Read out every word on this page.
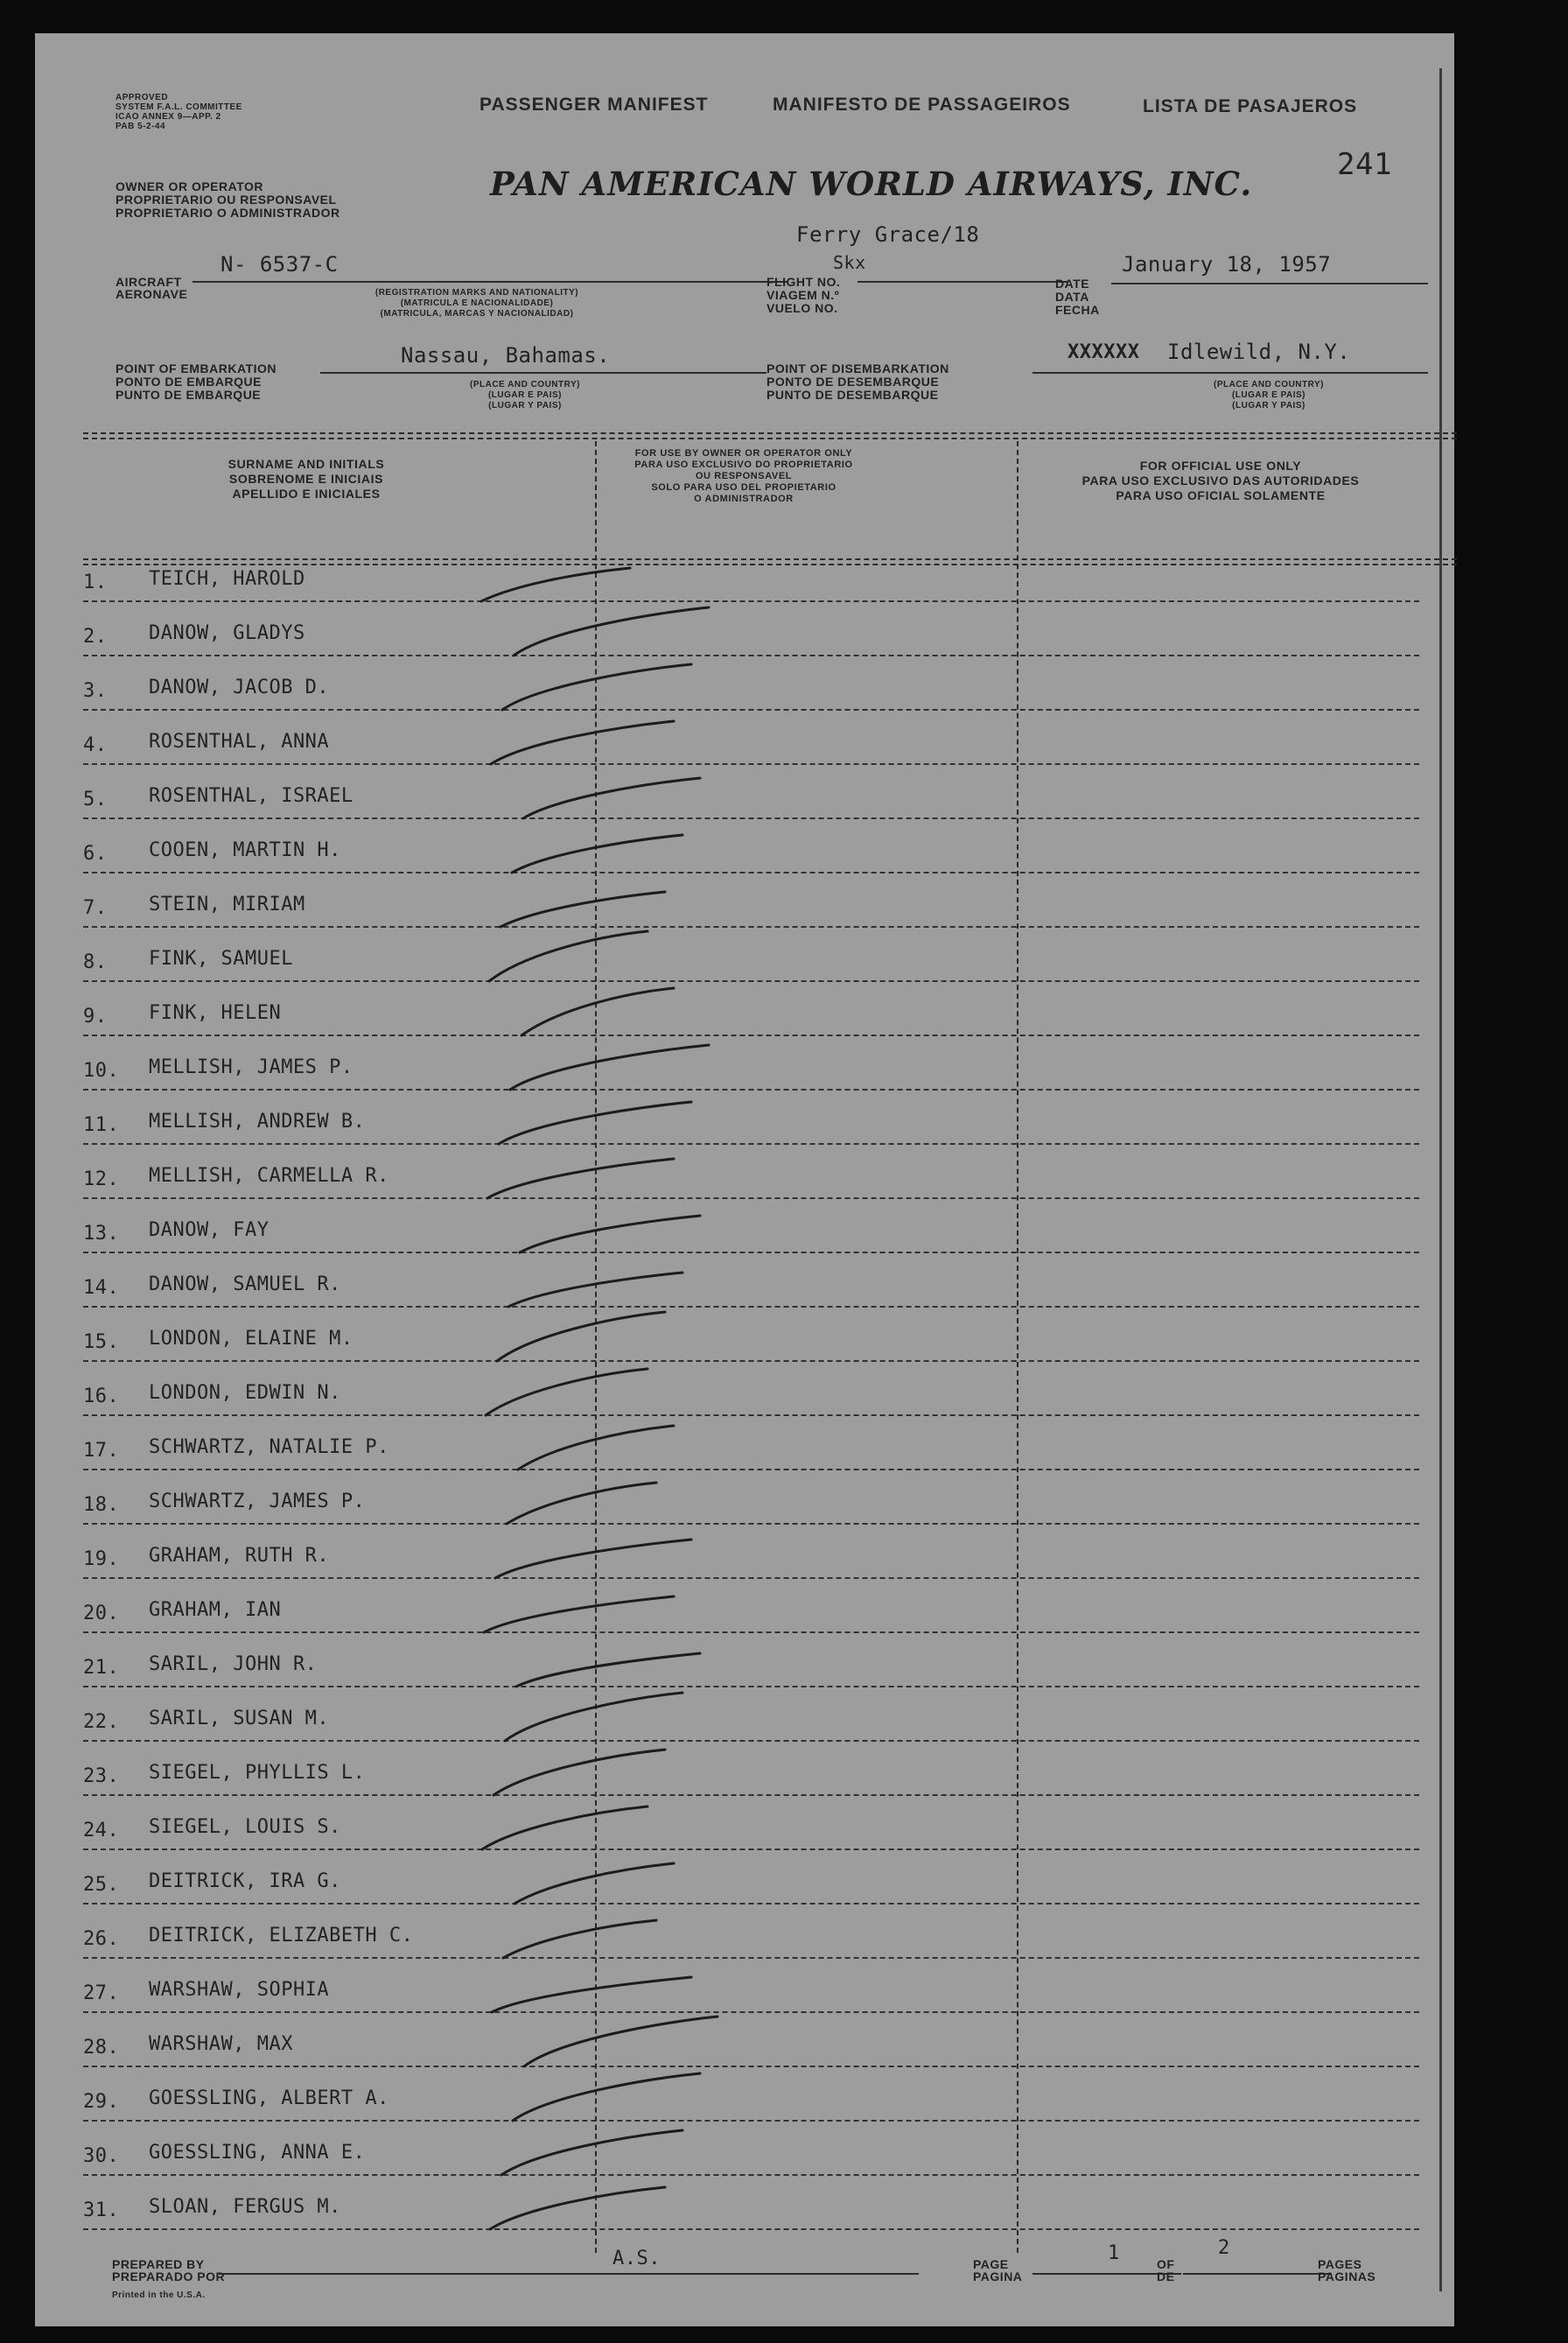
APPROVED
SYSTEM F.A.L. COMMITTEE
ICAO ANNEX 9—APP. 2
PAB 5-2-44
OWNER OR OPERATOR
PROPRIETARIO OU RESPONSAVEL
PROPRIETARIO O ADMINISTRADOR
PASSENGER MANIFEST	MANIFESTO DE PASSAGEIROS	LISTA DE PASAJEROS
PAN AMERICAN WORLD AIRWAYS, INC.	241
AIRCRAFT
AERONAVE
N- 6537-C
(REGISTRATION MARKS AND NATIONALITY)
(MATRICULA E NACIONALIDADE)
(MATRICULA, MARCAS Y NACIONALIDAD)
Ferry Grace/18
Skx
FLIGHT NO.
VIAGEM N.º
VUELO NO.
January 18, 1957
DATE
DATA
FECHA
POINT OF EMBARKATION
PONTO DE EMBARQUE
PUNTO DE EMBARQUE
Nassau, Bahamas.
(PLACE AND COUNTRY)
(LUGAR E PAIS)
(LUGAR Y PAIS)
POINT OF DISEMBARKATION
PONTO DE DESEMBARQUE
PUNTO DE DESEMBARQUE
XXXXXX Idlewild, N.Y.
(PLACE AND COUNTRY)
(LUGAR E PAIS)
(LUGAR Y PAIS)
SURNAME AND INITIALS
SOBRENOME E INICIAIS
APELLIDO E INICIALES
FOR USE BY OWNER OR OPERATOR ONLY
PARA USO EXCLUSIVO DO PROPRIETARIO
OU RESPONSAVEL
SOLO PARA USO DEL PROPIETARIO
O ADMINISTRADOR
FOR OFFICIAL USE ONLY
PARA USO EXCLUSIVO DAS AUTORIDADES
PARA USO OFICIAL SOLAMENTE
1. TEICH, HAROLD
2. DANOW, GLADYS
3. DANOW, JACOB D.
4. ROSENTHAL, ANNA
5. ROSENTHAL, ISRAEL
6. COOEN, MARTIN H.
7. STEIN, MIRIAM
8. FINK, SAMUEL
9. FINK, HELEN
10. MELLISH, JAMES P.
11. MELLISH, ANDREW B.
12. MELLISH, CARMELLA R.
13. DANOW, FAY
14. DANOW, SAMUEL R.
15. LONDON, ELAINE M.
16. LONDON, EDWIN N.
17. SCHWARTZ, NATALIE P.
18. SCHWARTZ, JAMES P.
19. GRAHAM, RUTH R.
20. GRAHAM, IAN
21. SARIL, JOHN R.
22. SARIL, SUSAN M.
23. SIEGEL, PHYLLIS L.
24. SIEGEL, LOUIS S.
25. DEITRICK, IRA G.
26. DEITRICK, ELIZABETH C.
27. WARSHAW, SOPHIA
28. WARSHAW, MAX
29. GOESSLING, ALBERT A.
30. GOESSLING, ANNA E.
31. SLOAN, FERGUS M.
PREPARED BY
PREPARADO POR
A.S.
Printed in the U.S.A.
PAGE
PAGINA
1	OF
DE
2
PAGES
PAGINAS
